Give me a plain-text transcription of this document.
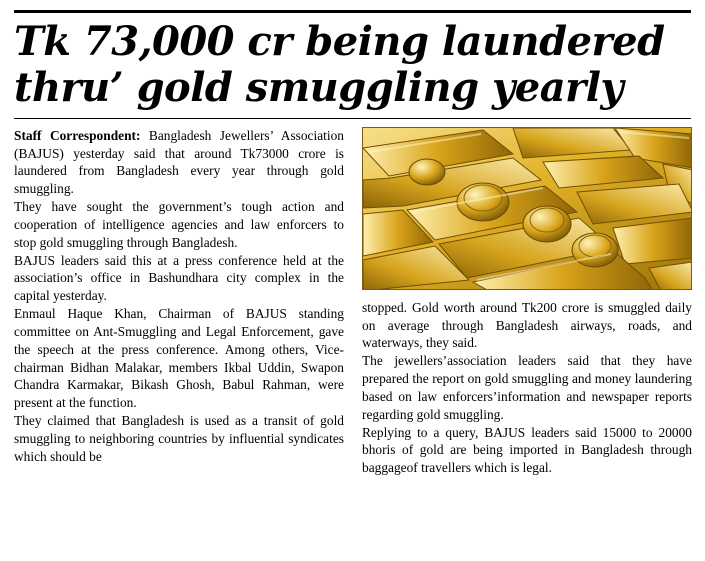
Tk 73,000 cr being laundered
thru’ gold smuggling yearly

Staff Correspondent: Bangladesh Jewellers’ Association (BAJUS) yesterday said that around Tk73000 crore is laundered from Bangladesh every year through gold smuggling.

They have sought the government’s tough action and cooperation of intelligence agencies and law enforcers to stop gold smuggling through Bangladesh.

BAJUS leaders said this at a press conference held at the association’s office in Bashundhara city complex in the capital yesterday.

Enmaul Haque Khan, Chairman of BAJUS standing committee on Ant-Smuggling and Legal Enforcement, gave the speech at the press conference. Among others, Vice-chairman Bidhan Malakar, members Ikbal Uddin, Swapon Chandra Karmakar, Bikash Ghosh, Babul Rahman, were present at the function.

They claimed that Bangladesh is used as a transit of gold smuggling to neighboring countries by influential syndicates which should be

stopped. Gold worth around Tk200 crore is smuggled daily on average through Bangladesh airways, roads, and waterways, they said.

The jewellers’association leaders said that they have prepared the report on gold smuggling and money laundering based on law enforcers’information and newspaper reports regarding gold smuggling.

Replying to a query, BAJUS leaders said 15000 to 20000 bhoris of gold are being imported in Bangladesh through baggageof travellers which is legal.
